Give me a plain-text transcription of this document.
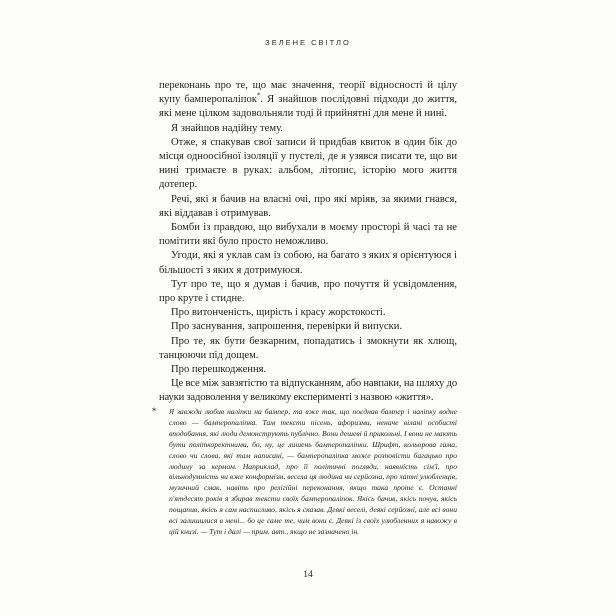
ЗЕЛЕНЕ СВІТЛО

переконань про те, що має значення, теорії відносності й цілу купу бамперопаліпок*. Я знайшов послідовні підходи до життя, які мене цілком задовольняли тоді й прийнятні для мене й нині.

Я знайшов надійну тему.

Отже, я спакував свої записи й придбав квиток в один бік до місця одноосібної ізоляції у пустелі, де я узявся писати те, що ви нині тримаєте в руках: альбом, літопис, історію мого життя дотепер.

Речі, які я бачив на власні очі, про які мріяв, за якими гнався, які віддавав і отримував.

Бомби із правдою, що вибухали в моєму просторі й часі та не помітити які було просто неможливо.

Угоди, які я уклав сам із собою, на багато з яких я орієнтуюся і більшості з яких я дотримуюся.

Тут про те, що я думав і бачив, про почуття й усвідомлення, про круте і стидне.

Про витонченість, щирість і красу жорстокості.

Про заснування, запрошення, перевірки й випуски.

Про те, як бути безкарним, попадатись і змокнути як хлющ, танцюючи під дощем.

Про перешкодження.

Це все між завзятістю та відпусканням, або навпаки, на шляху до науки задоволення у великому експерименті з назвою «життя».

* Я завжди любив наліпки на бампер, та вже так, що поєднав бампер і наліпку водне слово — бамперопаліпка. Там тексти пісень, афоризми, неначе вілані особисті вподобання, які люди демонструють публічно. Вони дешеві й прикольні. І вони не мають бути політкоректними, бо, ну, це лишень бамперопаліпки. Шрифт, кольорова гама, слово чи слова, які там написані, — бамперопаліпка може розповісти багацько про людину за кермом. Наприклад, про її політичні погляди, наявність сім'ї, про вільнодумність чи вже конформізм, весела ця людина чи серйозна, про хатні улюбленців, музичний смак, навіть про релігійні переконання, якщо така проте є. Останні п'ятдесят років я збирав тексти своїх бамперопаліпок. Якісь бачив, якісь почув, якісь пощапив, якісь я сам насписливо, якісь я сказав. Деякі веселі, деякі серйозні, але всі вони всі залишилися в мені... бо це саме те, чим вони є. Деякі із своїх улюбленних я навожу в цій книзі. — Тут і далі — прим. авт., якщо не зазначено ін.
14
